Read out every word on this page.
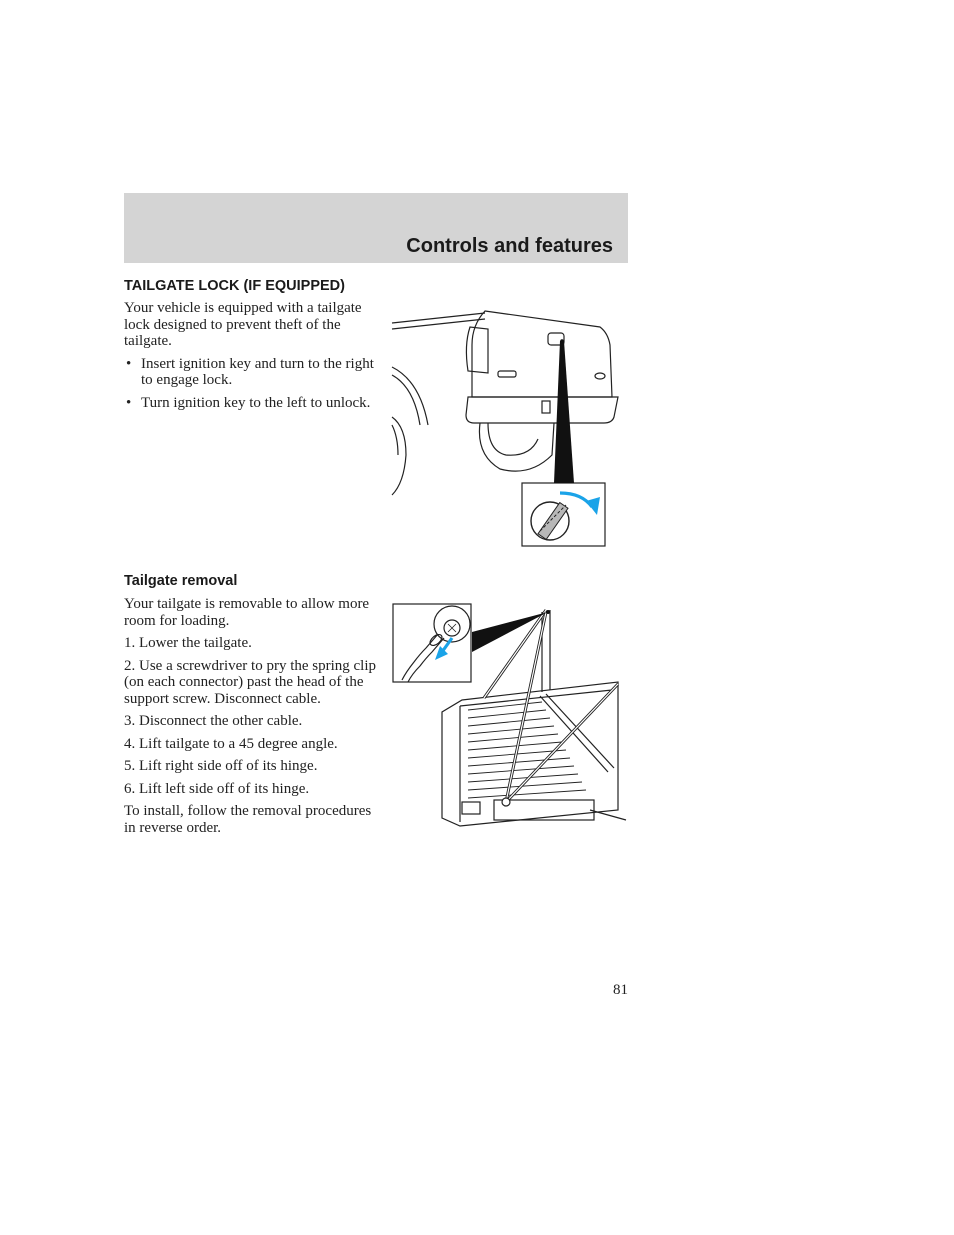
Controls and features
TAILGATE LOCK (IF EQUIPPED)

Your vehicle is equipped with a tailgate lock designed to prevent theft of the tailgate.

• Insert ignition key and turn to the right to engage lock.
• Turn ignition key to the left to unlock.
Tailgate removal

Your tailgate is removable to allow more room for loading.

1. Lower the tailgate.

2. Use a screwdriver to pry the spring clip (on each connector) past the head of the support screw. Disconnect cable.

3. Disconnect the other cable.

4. Lift tailgate to a 45 degree angle.

5. Lift right side off of its hinge.

6. Lift left side off of its hinge.

To install, follow the removal procedures in reverse order.

81
